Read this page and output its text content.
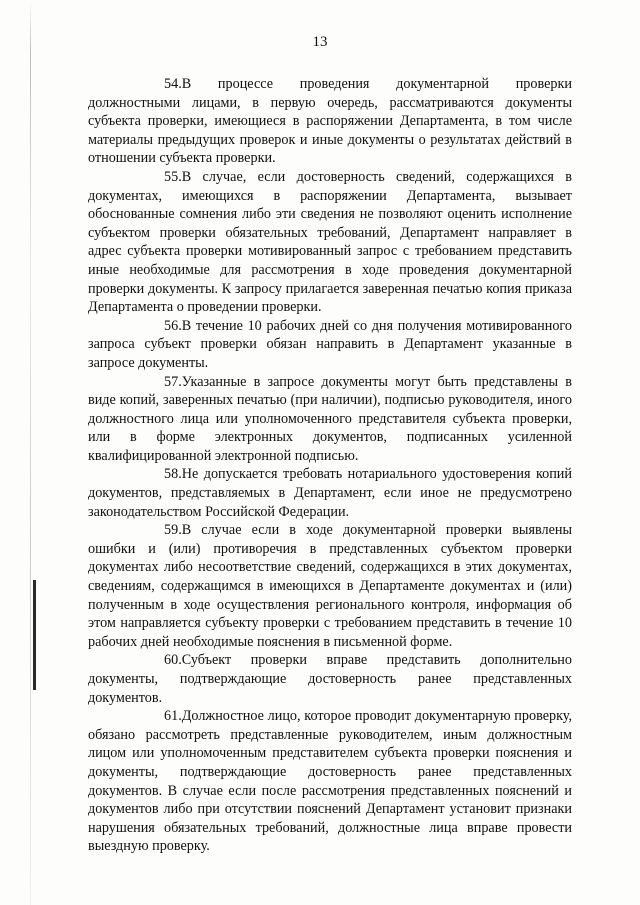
13

54.В процессе проведения документарной проверки должностными лицами, в первую очередь, рассматриваются документы субъекта проверки, имеющиеся в распоряжении Департамента, в том числе материалы предыдущих проверок и иные документы о результатах действий в отношении субъекта проверки.

55.В случае, если достоверность сведений, содержащихся в документах, имеющихся в распоряжении Департамента, вызывает обоснованные сомнения либо эти сведения не позволяют оценить исполнение субъектом проверки обязательных требований, Департамент направляет в адрес субъекта проверки мотивированный запрос с требованием представить иные необходимые для рассмотрения в ходе проведения документарной проверки документы. К запросу прилагается заверенная печатью копия приказа Департамента о проведении проверки.

56.В течение 10 рабочих дней со дня получения мотивированного запроса субъект проверки обязан направить в Департамент указанные в запросе документы.

57.Указанные в запросе документы могут быть представлены в виде копий, заверенных печатью (при наличии), подписью руководителя, иного должностного лица или уполномоченного представителя субъекта проверки, или в форме электронных документов, подписанных усиленной квалифицированной электронной подписью.

58.Не допускается требовать нотариального удостоверения копий документов, представляемых в Департамент, если иное не предусмотрено законодательством Российской Федерации.

59.В случае если в ходе документарной проверки выявлены ошибки и (или) противоречия в представленных субъектом проверки документах либо несоответствие сведений, содержащихся в этих документах, сведениям, содержащимся в имеющихся в Департаменте документах и (или) полученным в ходе осуществления регионального контроля, информация об этом направляется субъекту проверки с требованием представить в течение 10 рабочих дней необходимые пояснения в письменной форме.

60.Субъект проверки вправе представить дополнительно документы, подтверждающие достоверность ранее представленных документов.

61.Должностное лицо, которое проводит документарную проверку, обязано рассмотреть представленные руководителем, иным должностным лицом или уполномоченным представителем субъекта проверки пояснения и документы, подтверждающие достоверность ранее представленных документов. В случае если после рассмотрения представленных пояснений и документов либо при отсутствии пояснений Департамент установит признаки нарушения обязательных требований, должностные лица вправе провести выездную проверку.
